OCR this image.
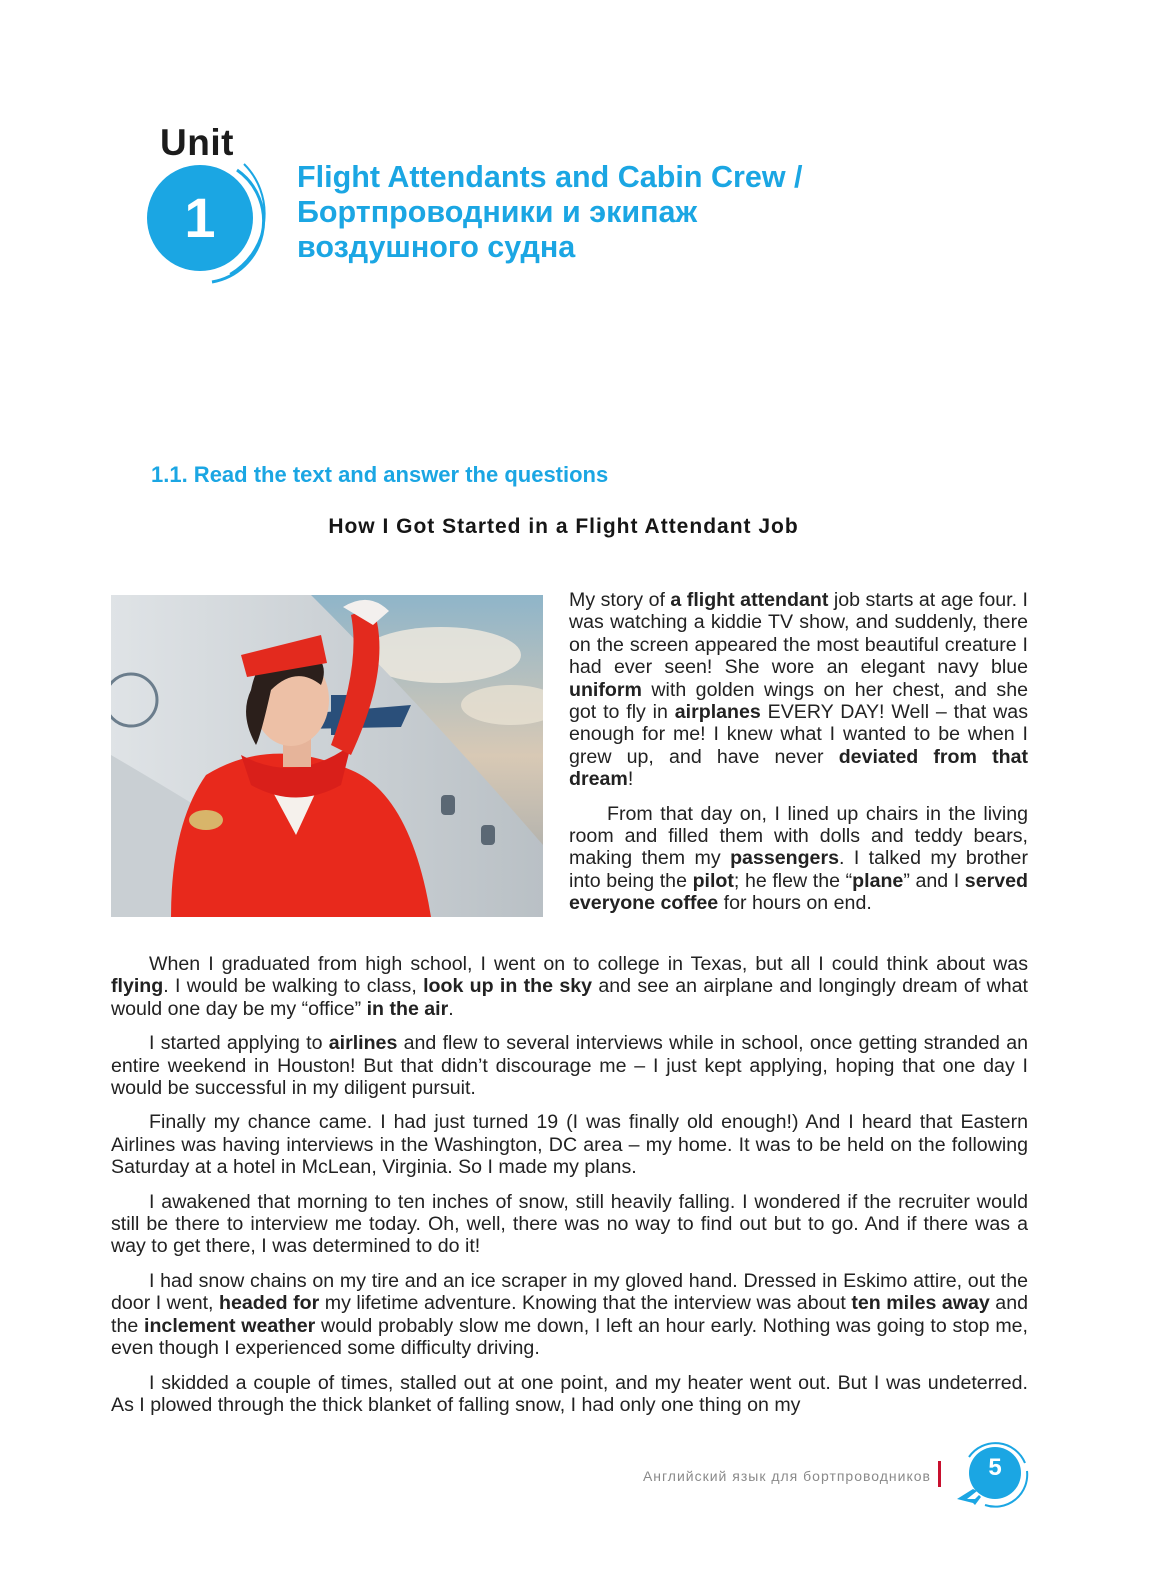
Unit
1
Flight Attendants and Cabin Crew /
Бортпроводники и экипаж
воздушного судна
1.1. Read the text and answer the questions
How I Got Started in a Flight Attendant Job

My story of a flight attendant job starts at age four. I was watching a kiddie TV show, and suddenly, there on the screen appeared the most beautiful creature I had ever seen! She wore an elegant navy blue uniform with golden wings on her chest, and she got to fly in airplanes EVERY DAY! Well – that was enough for me! I knew what I wanted to be when I grew up, and have never deviated from that dream!

From that day on, I lined up chairs in the living room and filled them with dolls and teddy bears, making them my passengers. I talked my brother into being the pilot; he flew the “plane” and I served everyone coffee for hours on end.

When I graduated from high school, I went on to college in Texas, but all I could think about was flying. I would be walking to class, look up in the sky and see an airplane and longingly dream of what would one day be my “office” in the air.

I started applying to airlines and flew to several interviews while in school, once getting stranded an entire weekend in Houston! But that didn’t discourage me – I just kept applying, hoping that one day I would be successful in my diligent pursuit.

Finally my chance came. I had just turned 19 (I was finally old enough!) And I heard that Eastern Airlines was having interviews in the Washington, DC area – my home. It was to be held on the following Saturday at a hotel in McLean, Virginia. So I made my plans.

I awakened that morning to ten inches of snow, still heavily falling. I wondered if the recruiter would still be there to interview me today. Oh, well, there was no way to find out but to go. And if there was a way to get there, I was determined to do it!

I had snow chains on my tire and an ice scraper in my gloved hand. Dressed in Eskimo attire, out the door I went, headed for my lifetime adventure. Knowing that the interview was about ten miles away and the inclement weather would probably slow me down, I left an hour early. Nothing was going to stop me, even though I experienced some difficulty driving.

I skidded a couple of times, stalled out at one point, and my heater went out. But I was undeterred. As I plowed through the thick blanket of falling snow, I had only one thing on my

Английский язык для бортпроводников	5
